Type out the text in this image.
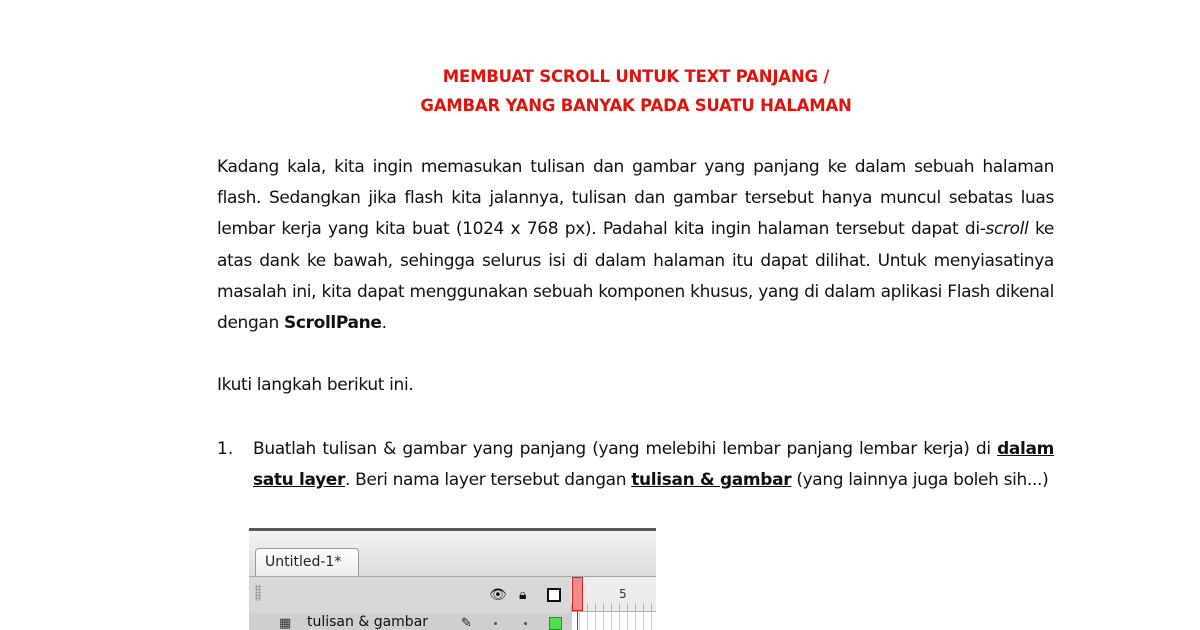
MEMBUAT SCROLL UNTUK TEXT PANJANG /
GAMBAR YANG BANYAK PADA SUATU HALAMAN
Kadang kala, kita ingin memasukan tulisan dan gambar yang panjang ke dalam sebuah halaman flash. Sedangkan jika flash kita jalannya, tulisan dan gambar tersebut hanya muncul sebatas luas lembar kerja yang kita buat (1024 x 768 px). Padahal kita ingin halaman tersebut dapat di-scroll ke atas dank ke bawah, sehingga selurus isi di dalam halaman itu dapat dilihat. Untuk menyiasatinya masalah ini, kita dapat menggunakan sebuah komponen khusus, yang di dalam aplikasi Flash dikenal dengan ScrollPane.
Ikuti langkah berikut ini.
1. Buatlah tulisan & gambar yang panjang (yang melebihi lembar panjang lembar kerja) di dalam satu layer. Beri nama layer tersebut dangan tulisan & gambar (yang lainnya juga boleh sih...)
Untitled-1*
👁︎ 🔒︎
▦ tulisan & gambar	✎
5
